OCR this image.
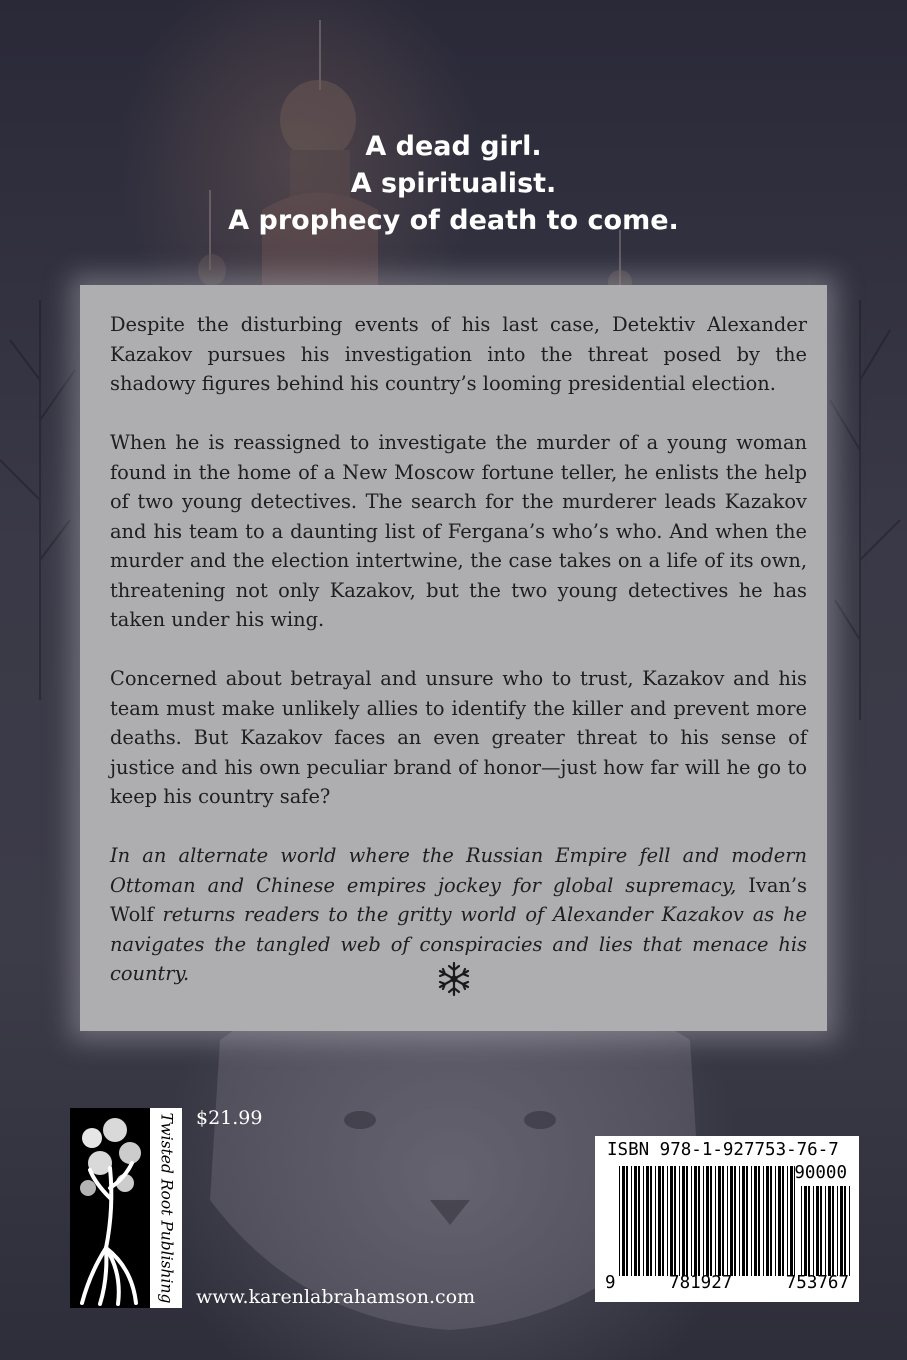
A dead girl.
A spiritualist.
A prophecy of death to come.

Despite the disturbing events of his last case, Detektiv Alexander Kazakov pursues his investigation into the threat posed by the shadowy figures behind his country’s looming presidential election.

When he is reassigned to investigate the murder of a young woman found in the home of a New Moscow fortune teller, he enlists the help of two young detectives. The search for the murderer leads Kazakov and his team to a daunting list of Fergana’s who’s who. And when the murder and the election intertwine, the case takes on a life of its own, threatening not only Kazakov, but the two young detectives he has taken under his wing.

Concerned about betrayal and unsure who to trust, Kazakov and his team must make unlikely allies to identify the killer and prevent more deaths. But Kazakov faces an even greater threat to his sense of justice and his own peculiar brand of honor—just how far will he go to keep his country safe?

In an alternate world where the Russian Empire fell and modern Ottoman and Chinese empires jockey for global supremacy, Ivan’s Wolf returns readers to the gritty world of Alexander Kazakov as he navigates the tangled web of conspiracies and lies that menace his country.

Twisted Root Publishing $21.99
www.karenlabrahamson.com
ISBN 978-1-927753-76-7
90000
9	781927	753767
